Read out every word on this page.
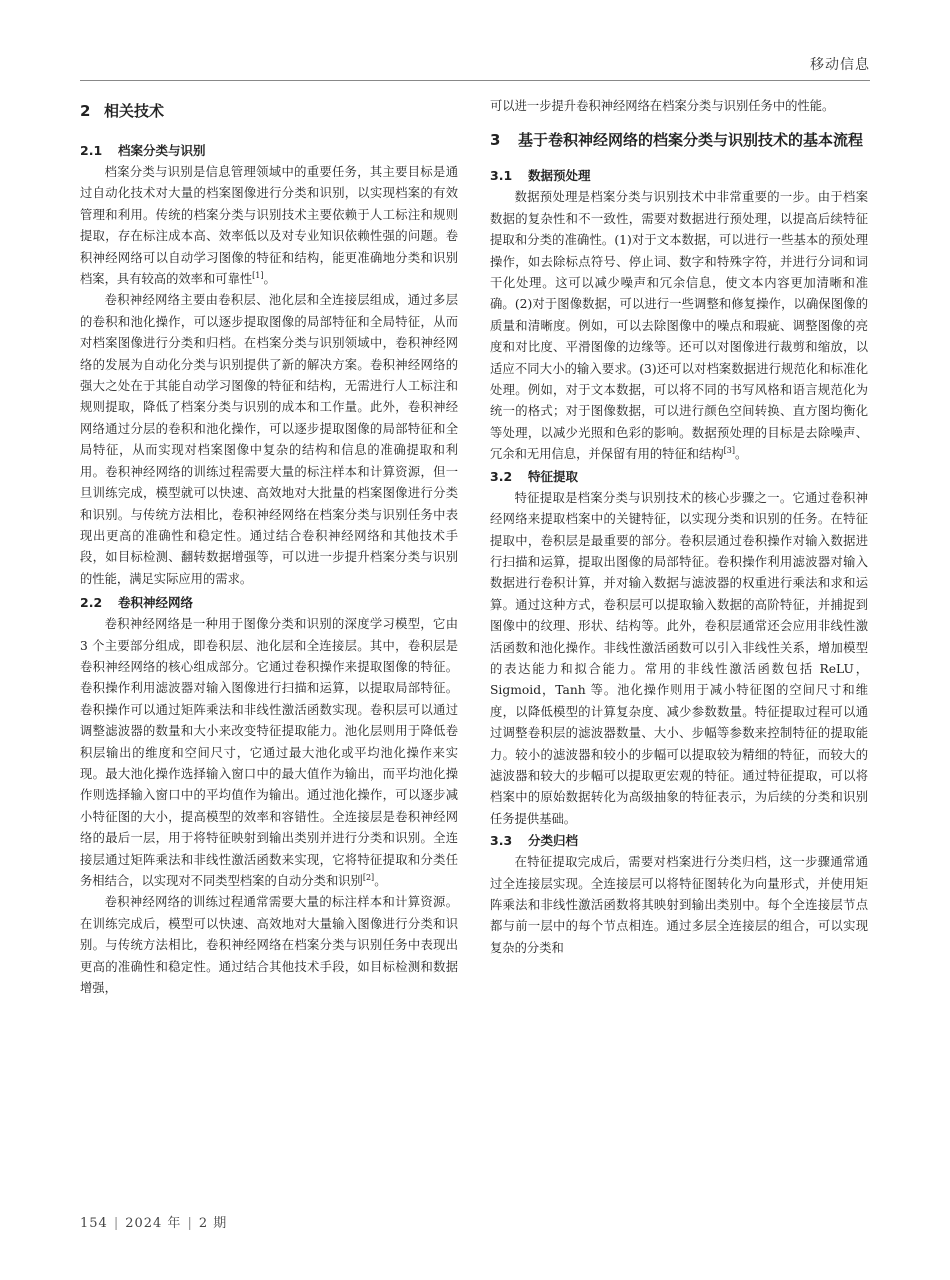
移动信息
2 相关技术
2.1 档案分类与识别

档案分类与识别是信息管理领域中的重要任务，其主要目标是通过自动化技术对大量的档案图像进行分类和识别，以实现档案的有效管理和利用。传统的档案分类与识别技术主要依赖于人工标注和规则提取，存在标注成本高、效率低以及对专业知识依赖性强的问题。卷积神经网络可以自动学习图像的特征和结构，能更准确地分类和识别档案，具有较高的效率和可靠性[1]。

卷积神经网络主要由卷积层、池化层和全连接层组成，通过多层的卷积和池化操作，可以逐步提取图像的局部特征和全局特征，从而对档案图像进行分类和归档。在档案分类与识别领域中，卷积神经网络的发展为自动化分类与识别提供了新的解决方案。卷积神经网络的强大之处在于其能自动学习图像的特征和结构，无需进行人工标注和规则提取，降低了档案分类与识别的成本和工作量。此外，卷积神经网络通过分层的卷积和池化操作，可以逐步提取图像的局部特征和全局特征，从而实现对档案图像中复杂的结构和信息的准确提取和利用。卷积神经网络的训练过程需要大量的标注样本和计算资源，但一旦训练完成，模型就可以快速、高效地对大批量的档案图像进行分类和识别。与传统方法相比，卷积神经网络在档案分类与识别任务中表现出更高的准确性和稳定性。通过结合卷积神经网络和其他技术手段，如目标检测、翻转数据增强等，可以进一步提升档案分类与识别的性能，满足实际应用的需求。

2.2 卷积神经网络

卷积神经网络是一种用于图像分类和识别的深度学习模型，它由 3 个主要部分组成，即卷积层、池化层和全连接层。其中，卷积层是卷积神经网络的核心组成部分。它通过卷积操作来提取图像的特征。卷积操作利用滤波器对输入图像进行扫描和运算，以提取局部特征。卷积操作可以通过矩阵乘法和非线性激活函数实现。卷积层可以通过调整滤波器的数量和大小来改变特征提取能力。池化层则用于降低卷积层输出的维度和空间尺寸，它通过最大池化或平均池化操作来实现。最大池化操作选择输入窗口中的最大值作为输出，而平均池化操作则选择输入窗口中的平均值作为输出。通过池化操作，可以逐步减小特征图的大小，提高模型的效率和容错性。全连接层是卷积神经网络的最后一层，用于将特征映射到输出类别并进行分类和识别。全连接层通过矩阵乘法和非线性激活函数来实现，它将特征提取和分类任务相结合，以实现对不同类型档案的自动分类和识别[2]。

卷积神经网络的训练过程通常需要大量的标注样本和计算资源。在训练完成后，模型可以快速、高效地对大量输入图像进行分类和识别。与传统方法相比，卷积神经网络在档案分类与识别任务中表现出更高的准确性和稳定性。通过结合其他技术手段，如目标检测和数据增强，

可以进一步提升卷积神经网络在档案分类与识别任务中的性能。

3	基于卷积神经网络的档案分类与识别技术的基本流程
3.1 数据预处理

数据预处理是档案分类与识别技术中非常重要的一步。由于档案数据的复杂性和不一致性，需要对数据进行预处理，以提高后续特征提取和分类的准确性。(1)对于文本数据，可以进行一些基本的预处理操作，如去除标点符号、停止词、数字和特殊字符，并进行分词和词干化处理。这可以减少噪声和冗余信息，使文本内容更加清晰和准确。(2)对于图像数据，可以进行一些调整和修复操作，以确保图像的质量和清晰度。例如，可以去除图像中的噪点和瑕疵、调整图像的亮度和对比度、平滑图像的边缘等。还可以对图像进行裁剪和缩放，以适应不同大小的输入要求。(3)还可以对档案数据进行规范化和标准化处理。例如，对于文本数据，可以将不同的书写风格和语言规范化为统一的格式；对于图像数据，可以进行颜色空间转换、直方图均衡化等处理，以减少光照和色彩的影响。数据预处理的目标是去除噪声、冗余和无用信息，并保留有用的特征和结构[3]。

3.2 特征提取

特征提取是档案分类与识别技术的核心步骤之一。它通过卷积神经网络来提取档案中的关键特征，以实现分类和识别的任务。在特征提取中，卷积层是最重要的部分。卷积层通过卷积操作对输入数据进行扫描和运算，提取出图像的局部特征。卷积操作利用滤波器对输入数据进行卷积计算，并对输入数据与滤波器的权重进行乘法和求和运算。通过这种方式，卷积层可以提取输入数据的高阶特征，并捕捉到图像中的纹理、形状、结构等。此外，卷积层通常还会应用非线性激活函数和池化操作。非线性激活函数可以引入非线性关系，增加模型的表达能力和拟合能力。常用的非线性激活函数包括 ReLU，Sigmoid，Tanh 等。池化操作则用于减小特征图的空间尺寸和维度，以降低模型的计算复杂度、减少参数数量。特征提取过程可以通过调整卷积层的滤波器数量、大小、步幅等参数来控制特征的提取能力。较小的滤波器和较小的步幅可以提取较为精细的特征，而较大的滤波器和较大的步幅可以提取更宏观的特征。通过特征提取，可以将档案中的原始数据转化为高级抽象的特征表示，为后续的分类和识别任务提供基础。

3.3 分类归档

在特征提取完成后，需要对档案进行分类归档，这一步骤通常通过全连接层实现。全连接层可以将特征图转化为向量形式，并使用矩阵乘法和非线性激活函数将其映射到输出类别中。每个全连接层节点都与前一层中的每个节点相连。通过多层全连接层的组合，可以实现复杂的分类和

154 | 2024 年 | 2 期
